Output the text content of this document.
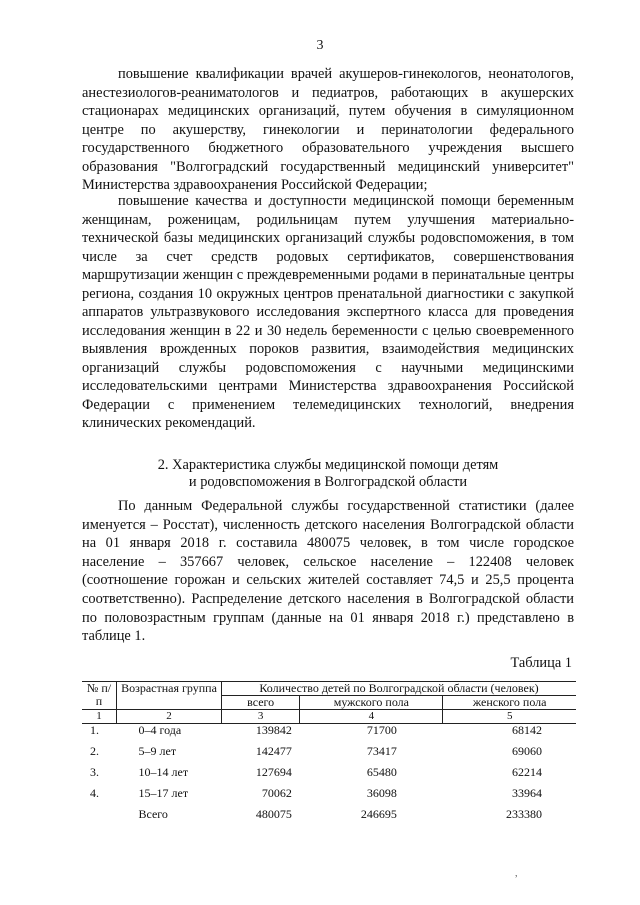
3

повышение квалификации врачей акушеров-гинекологов, неонатологов, анестезиологов-реаниматологов и педиатров, работающих в акушерских стационарах медицинских организаций, путем обучения в симуляционном центре по акушерству, гинекологии и перинатологии федерального государственного бюджетного образовательного учреждения высшего образования "Волгоградский государственный медицинский университет" Министерства здравоохранения Российской Федерации;

повышение качества и доступности медицинской помощи беременным женщинам, роженицам, родильницам путем улучшения материально-технической базы медицинских организаций службы родовспоможения, в том числе за счет средств родовых сертификатов, совершенствования маршрутизации женщин с преждевременными родами в перинатальные центры региона, создания 10 окружных центров пренатальной диагностики с закупкой аппаратов ультразвукового исследования экспертного класса для проведения исследования женщин в 22 и 30 недель беременности с целью своевременного выявления врожденных пороков развития, взаимодействия медицинских организаций службы родовспоможения с научными медицинскими исследовательскими центрами Министерства здравоохранения Российской Федерации с применением телемедицинских технологий, внедрения клинических рекомендаций.

2. Характеристика службы медицинской помощи детям
и родовспоможения в Волгоградской области

По данным Федеральной службы государственной статистики (далее именуется – Росстат), численность детского населения Волгоградской области на 01 января 2018 г. составила 480075 человек, в том числе городское население – 357667 человек, сельское население – 122408 человек (соотношение горожан и сельских жителей составляет 74,5 и 25,5 процента соответственно). Распределение детского населения в Волгоградской области по половозрастным группам (данные на 01 января 2018 г.) представлено в таблице 1.

Таблица 1
№ п/п	Возрастная группа	Количество детей по Волгоградской области (человек)		
		всего	мужского пола	женского пола
1	2	3	4	5
1.	0–4 года	139842	71700	68142
2.	5–9 лет	142477	73417	69060
3.	10–14 лет	127694	65480	62214
4.	15–17 лет	70062	36098	33964
	Всего	480075	246695	233380
,
